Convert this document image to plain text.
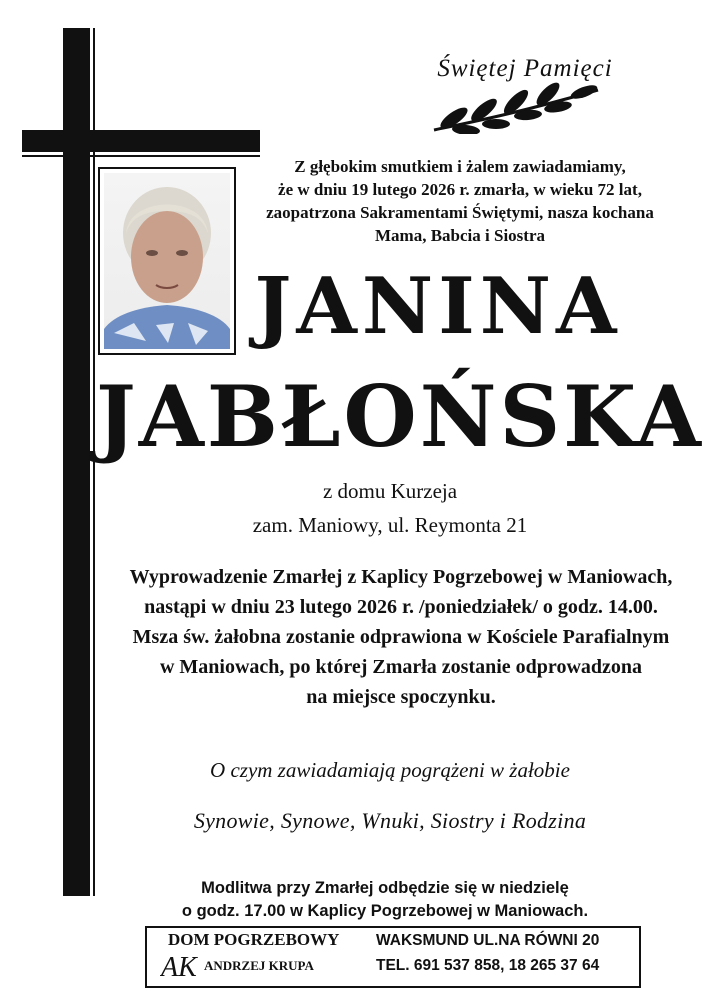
Świętej Pamięci
Z głębokim smutkiem i żalem zawiadamiamy,
że w dniu 19 lutego 2026 r. zmarła, w wieku 72 lat,
zaopatrzona Sakramentami Świętymi, nasza kochana
Mama, Babcia i Siostra
JANINA
JABŁOŃSKA
z domu Kurzeja
zam. Maniowy, ul. Reymonta 21
Wyprowadzenie Zmarłej z Kaplicy Pogrzebowej w Maniowach,
nastąpi w dniu 23 lutego 2026 r. /poniedziałek/ o godz. 14.00.
Msza św. żałobna zostanie odprawiona w Kościele Parafialnym
w Maniowach, po której Zmarła zostanie odprowadzona
na miejsce spoczynku.
O czym zawiadamiają pogrążeni w żałobie
Synowie, Synowe, Wnuki, Siostry i Rodzina
Modlitwa przy Zmarłej odbędzie się w niedzielę
o godz. 17.00 w Kaplicy Pogrzebowej w Maniowach.
DOM POGRZEBOWY
AK ANDRZEJ KRUPA
WAKSMUND UL.NA RÓWNI 20
TEL. 691 537 858, 18 265 37 64
